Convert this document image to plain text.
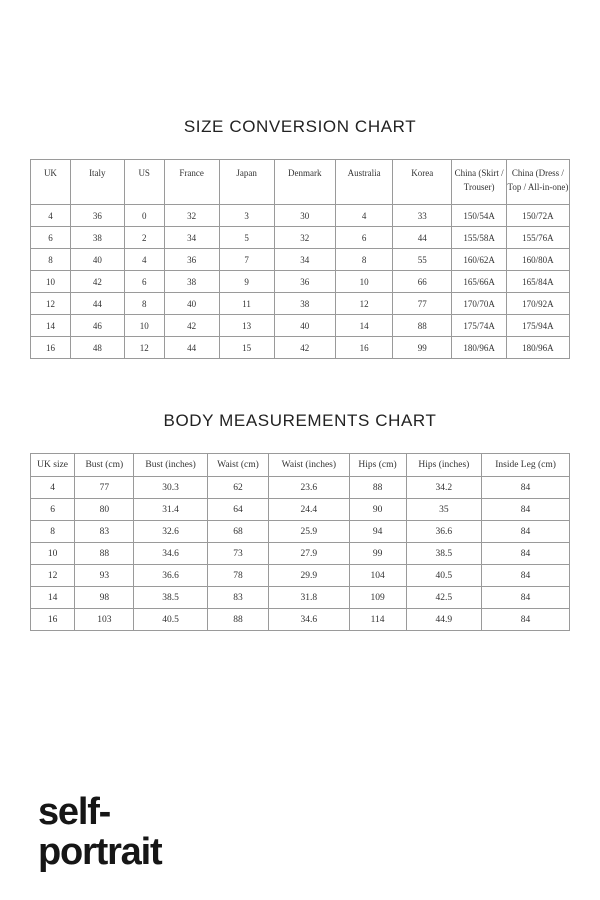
SIZE CONVERSION CHART
UK	Italy	US	France	Japan	Denmark	Australia	Korea	China (Skirt / Trouser)	China (Dress / Top / All-in-one)
4	36	0	32	3	30	4	33	150/54A	150/72A
6	38	2	34	5	32	6	44	155/58A	155/76A
8	40	4	36	7	34	8	55	160/62A	160/80A
10	42	6	38	9	36	10	66	165/66A	165/84A
12	44	8	40	11	38	12	77	170/70A	170/92A
14	46	10	42	13	40	14	88	175/74A	175/94A
16	48	12	44	15	42	16	99	180/96A	180/96A
BODY MEASUREMENTS CHART
UK size	Bust (cm)	Bust (inches)	Waist (cm)	Waist (inches)	Hips (cm)	Hips (inches)	Inside Leg (cm)
4	77	30.3	62	23.6	88	34.2	84
6	80	31.4	64	24.4	90	35	84
8	83	32.6	68	25.9	94	36.6	84
10	88	34.6	73	27.9	99	38.5	84
12	93	36.6	78	29.9	104	40.5	84
14	98	38.5	83	31.8	109	42.5	84
16	103	40.5	88	34.6	114	44.9	84
self-
portrait
